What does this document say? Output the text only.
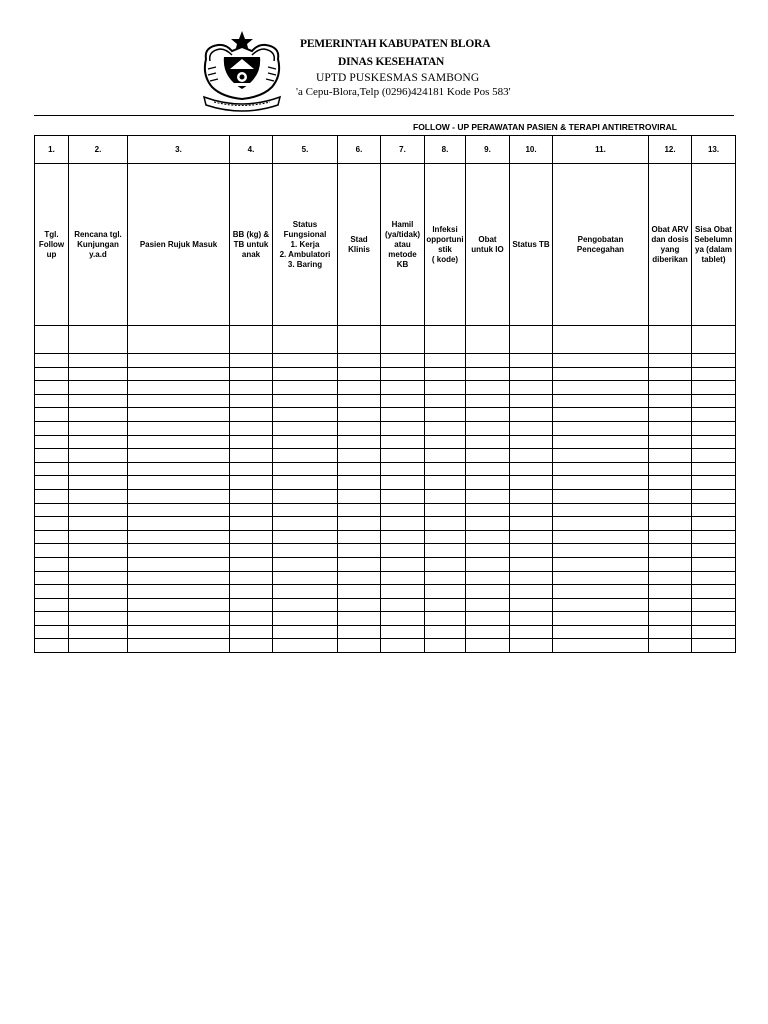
PEMERINTAH KABUPATEN BLORA
DINAS KESEHATAN
UPTD PUSKESMAS SAMBONG
'a Cepu-Blora,Telp (0296)424181 Kode Pos 583'
FOLLOW - UP PERAWATAN PASIEN & TERAPI ANTIRETROVIRAL
1.	2.	3.	4.	5.	6.	7.	8.	9.	10.	11.	12.	13.

Tgl.
Follow
up	Rencana tgl.
Kunjungan
y.a.d	Pasien Rujuk Masuk	BB (kg) &
TB untuk
anak	Status
Fungsional
1. Kerja
2. Ambulatori
3. Baring	Stad
Klinis	Hamil
(ya/tidak)
atau
metode
KB	Infeksi
opportuni
stik
( kode)	Obat
untuk IO	Status TB	Pengobatan
Pencegahan	Obat ARV
dan dosis
yang
diberikan	Sisa Obat
Sebelumn
ya (dalam
tablet)
